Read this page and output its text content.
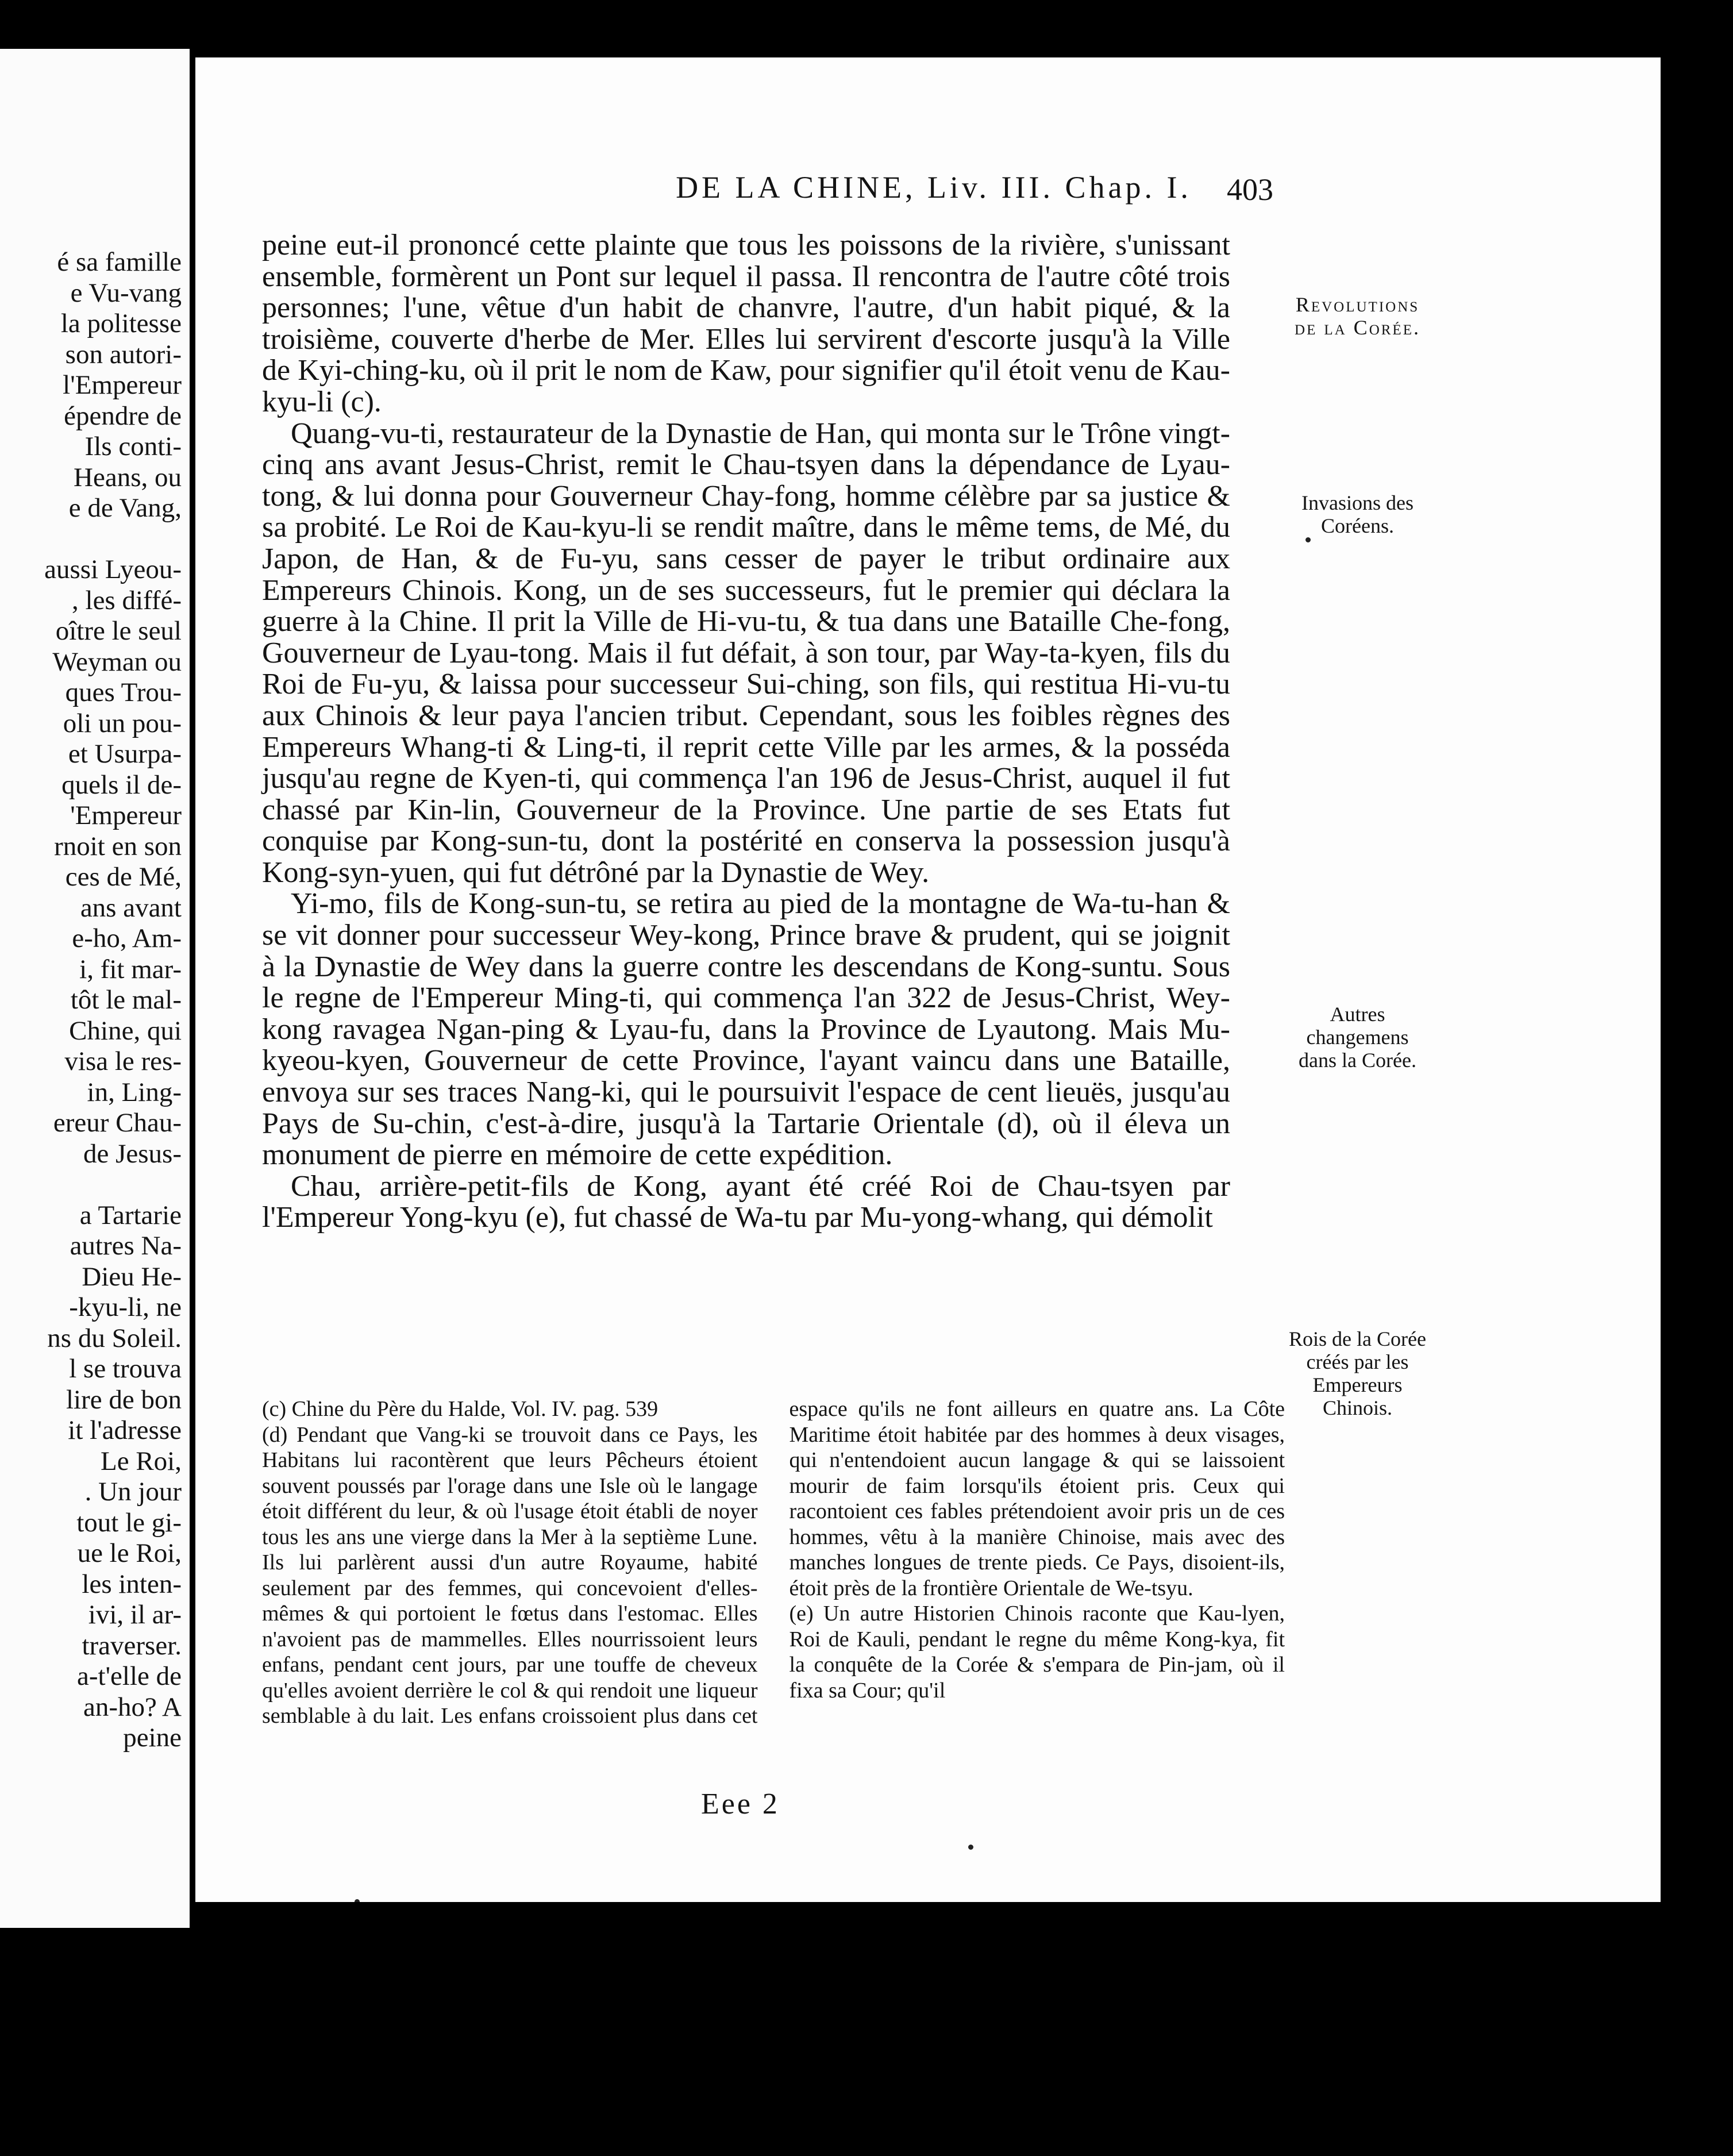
é sa famille
e Vu-vang
la politesse
son autori-
l'Empereur
épendre de
Ils conti-
Heans, ou
e de Vang,
aussi Lyeou-
, les diffé-
oître le seul
Weyman ou
ques Trou-
oli un pou-
et Usurpa-
quels il de-
'Empereur
rnoit en son
ces de Mé,
ans avant
e-ho, Am-
i, fit mar-
tôt le mal-
Chine, qui
visa le res-
in, Ling-
ereur Chau-
de Jesus-
a Tartarie
autres Na-
Dieu He-
-kyu-li, ne
ns du Soleil.
l se trouva
lire de bon
it l'adresse
Le Roi,
. Un jour
tout le gi-
ue le Roi,
les inten-
ivi, il ar-
traverser.
a-t'elle de
an-ho? A
peine
DE LA CHINE, Liv. III. Chap. I.	403

peine eut-il prononcé cette plainte que tous les poissons de la rivière, s'unissant ensemble, formèrent un Pont sur lequel il passa. Il rencontra de l'autre côté trois personnes; l'une, vêtue d'un habit de chanvre, l'autre, d'un habit piqué, & la troisième, couverte d'herbe de Mer. Elles lui servirent d'escorte jusqu'à la Ville de Kyi-ching-ku, où il prit le nom de Kaw, pour signifier qu'il étoit venu de Kau-kyu-li (c).

Quang-vu-ti, restaurateur de la Dynastie de Han, qui monta sur le Trône vingt-cinq ans avant Jesus-Christ, remit le Chau-tsyen dans la dépendance de Lyau-tong, & lui donna pour Gouverneur Chay-fong, homme célèbre par sa justice & sa probité. Le Roi de Kau-kyu-li se rendit maître, dans le même tems, de Mé, du Japon, de Han, & de Fu-yu, sans cesser de payer le tribut ordinaire aux Empereurs Chinois. Kong, un de ses successeurs, fut le premier qui déclara la guerre à la Chine. Il prit la Ville de Hi-vu-tu, & tua dans une Bataille Che-fong, Gouverneur de Lyau-tong. Mais il fut défait, à son tour, par Way-ta-kyen, fils du Roi de Fu-yu, & laissa pour successeur Sui-ching, son fils, qui restitua Hi-vu-tu aux Chinois & leur paya l'ancien tribut. Cependant, sous les foibles règnes des Empereurs Whang-ti & Ling-ti, il reprit cette Ville par les armes, & la posséda jusqu'au regne de Kyen-ti, qui commença l'an 196 de Jesus-Christ, auquel il fut chassé par Kin-lin, Gouverneur de la Province. Une partie de ses Etats fut conquise par Kong-sun-tu, dont la postérité en conserva la possession jusqu'à Kong-syn-yuen, qui fut détrôné par la Dynastie de Wey.

Yi-mo, fils de Kong-sun-tu, se retira au pied de la montagne de Wa-tu-han & se vit donner pour successeur Wey-kong, Prince brave & prudent, qui se joignit à la Dynastie de Wey dans la guerre contre les descendans de Kong-suntu. Sous le regne de l'Empereur Ming-ti, qui commença l'an 322 de Jesus-Christ, Wey-kong ravagea Ngan-ping & Lyau-fu, dans la Province de Lyautong. Mais Mu-kyeou-kyen, Gouverneur de cette Province, l'ayant vaincu dans une Bataille, envoya sur ses traces Nang-ki, qui le poursuivit l'espace de cent lieuës, jusqu'au Pays de Su-chin, c'est-à-dire, jusqu'à la Tartarie Orientale (d), où il éleva un monument de pierre en mémoire de cette expédition.

Chau, arrière-petit-fils de Kong, ayant été créé Roi de Chau-tsyen par l'Empereur Yong-kyu (e), fut chassé de Wa-tu par Mu-yong-whang, qui démolit

Revolutions de la Corée.
Invasions des Coréens.
Autres changemens dans la Corée.
Rois de la Corée créés par les Empereurs Chinois.

(c) Chine du Père du Halde, Vol. IV. pag. 539

(d) Pendant que Vang-ki se trouvoit dans ce Pays, les Habitans lui racontèrent que leurs Pêcheurs étoient souvent poussés par l'orage dans une Isle où le langage étoit différent du leur, & où l'usage étoit établi de noyer tous les ans une vierge dans la Mer à la septième Lune. Ils lui parlèrent aussi d'un autre Royaume, habité seulement par des femmes, qui concevoient d'elles-mêmes & qui portoient le fœtus dans l'estomac. Elles n'avoient pas de mammelles. Elles nourrissoient leurs enfans, pendant cent jours, par une touffe de cheveux qu'elles avoient derrière le col & qui rendoit une liqueur semblable à du lait. Les enfans croissoient plus dans cet espace qu'ils ne font ailleurs en quatre ans. La Côte Maritime étoit habitée par des hommes à deux visages, qui n'entendoient aucun langage & qui se laissoient mourir de faim lorsqu'ils étoient pris. Ceux qui racontoient ces fables prétendoient avoir pris un de ces hommes, vêtu à la manière Chinoise, mais avec des manches longues de trente pieds. Ce Pays, disoient-ils, étoit près de la frontière Orientale de We-tsyu.

(e) Un autre Historien Chinois raconte que Kau-lyen, Roi de Kauli, pendant le regne du même Kong-kya, fit la conquête de la Corée & s'empara de Pin-jam, où il fixa sa Cour; qu'il

Eee 2
